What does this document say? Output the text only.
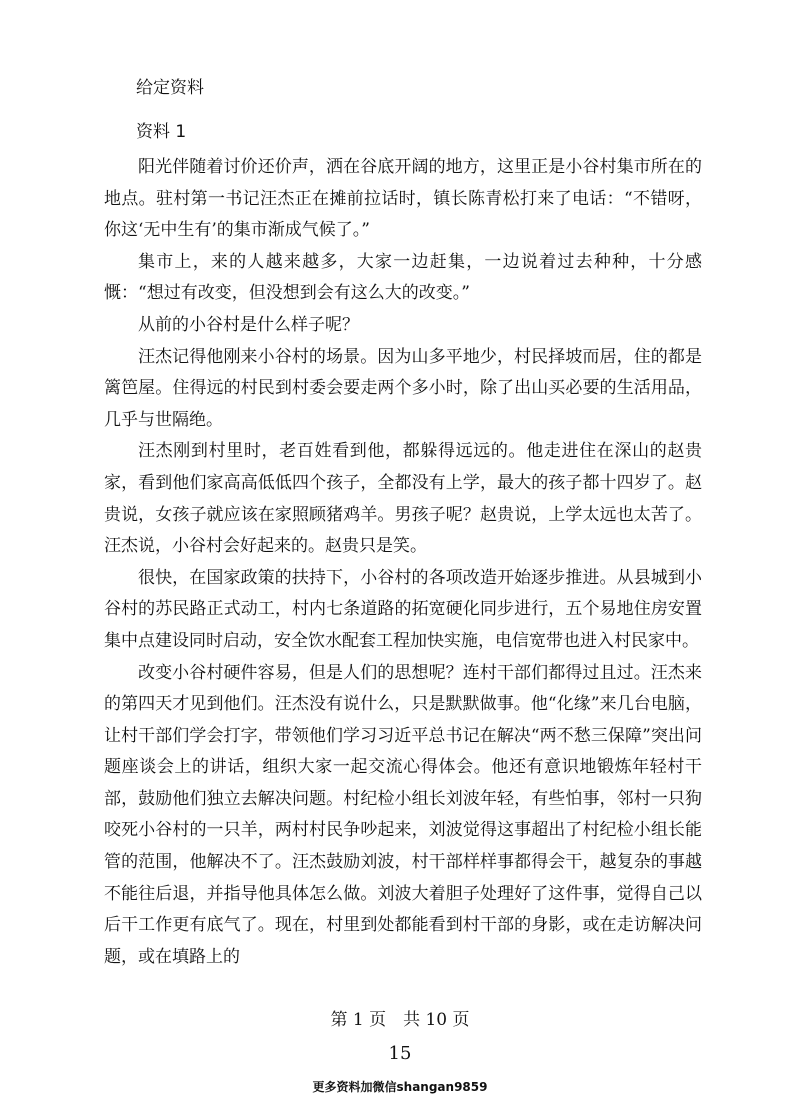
给定资料
资料 1

阳光伴随着讨价还价声，洒在谷底开阔的地方，这里正是小谷村集市所在的地点。驻村第一书记汪杰正在摊前拉话时，镇长陈青松打来了电话：“不错呀，你这‘无中生有’的集市渐成气候了。”

集市上，来的人越来越多，大家一边赶集，一边说着过去种种，十分感慨：“想过有改变，但没想到会有这么大的改变。”

从前的小谷村是什么样子呢？

汪杰记得他刚来小谷村的场景。因为山多平地少，村民择坡而居，住的都是篱笆屋。住得远的村民到村委会要走两个多小时，除了出山买必要的生活用品，几乎与世隔绝。

汪杰刚到村里时，老百姓看到他，都躲得远远的。他走进住在深山的赵贵家，看到他们家高高低低四个孩子，全都没有上学，最大的孩子都十四岁了。赵贵说，女孩子就应该在家照顾猪鸡羊。男孩子呢？赵贵说，上学太远也太苦了。汪杰说，小谷村会好起来的。赵贵只是笑。

很快，在国家政策的扶持下，小谷村的各项改造开始逐步推进。从县城到小谷村的苏民路正式动工，村内七条道路的拓宽硬化同步进行，五个易地住房安置集中点建设同时启动，安全饮水配套工程加快实施，电信宽带也进入村民家中。

改变小谷村硬件容易，但是人们的思想呢？连村干部们都得过且过。汪杰来的第四天才见到他们。汪杰没有说什么，只是默默做事。他“化缘”来几台电脑，让村干部们学会打字，带领他们学习习近平总书记在解决“两不愁三保障”突出问题座谈会上的讲话，组织大家一起交流心得体会。他还有意识地锻炼年轻村干部，鼓励他们独立去解决问题。村纪检小组长刘波年轻，有些怕事，邻村一只狗咬死小谷村的一只羊，两村村民争吵起来，刘波觉得这事超出了村纪检小组长能管的范围，他解决不了。汪杰鼓励刘波，村干部样样事都得会干，越复杂的事越不能往后退，并指导他具体怎么做。刘波大着胆子处理好了这件事，觉得自己以后干工作更有底气了。现在，村里到处都能看到村干部的身影，或在走访解决问题，或在填路上的

第 1 页　共 10 页
15
更多资料加微信shangan9859
